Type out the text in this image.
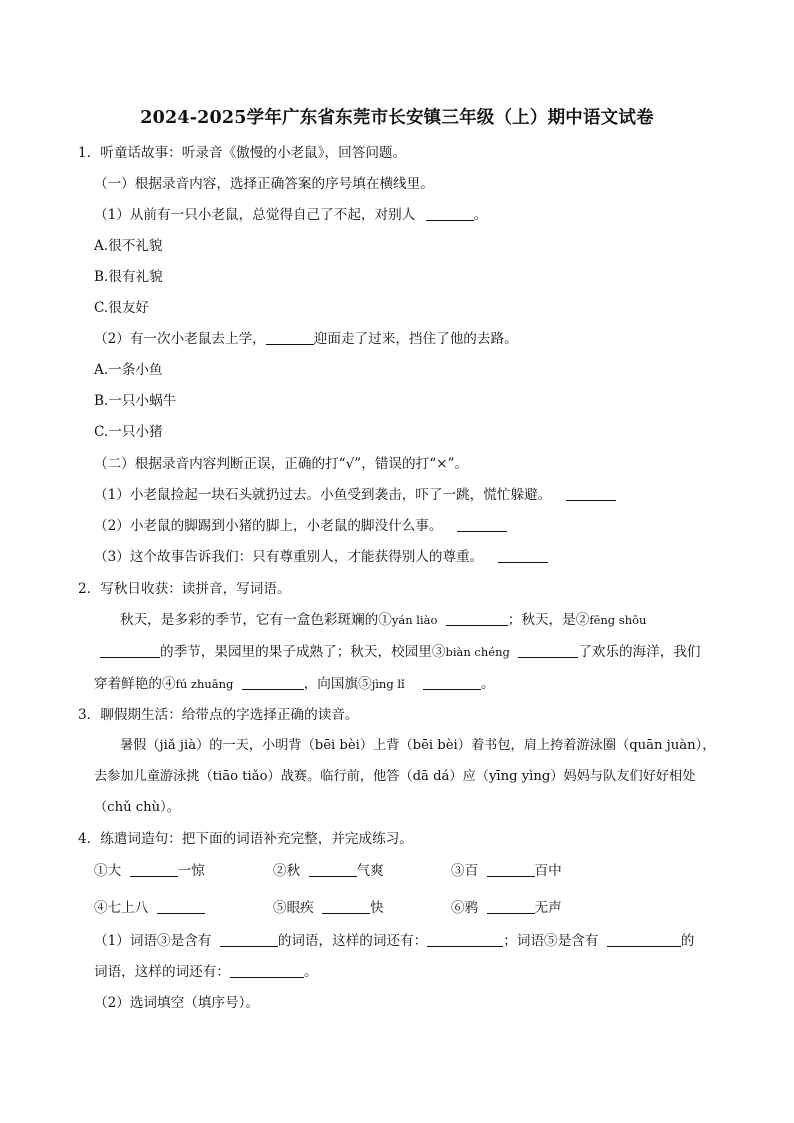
2024-2025学年广东省东莞市长安镇三年级（上）期中语文试卷
1．听童话故事：听录音《傲慢的小老鼠》，回答问题。
（一）根据录音内容，选择正确答案的序号填在横线里。
（1）从前有一只小老鼠，总觉得自己了不起，对别人	。
A.很不礼貌
B.很有礼貌
C.很友好
（2）有一次小老鼠去上学，	迎面走了过来，挡住了他的去路。
A.一条小鱼
B.一只小蜗牛
C.一只小猪
（二）根据录音内容判断正误，正确的打“√”，错误的打“×”。
（1）小老鼠捡起一块石头就扔过去。小鱼受到袭击，吓了一跳，慌忙躲避。
（2）小老鼠的脚踢到小猪的脚上，小老鼠的脚没什么事。
（3）这个故事告诉我们：只有尊重别人，才能获得别人的尊重。
2．写秋日收获：读拼音，写词语。
秋天，是多彩的季节，它有一盒色彩斑斓的①yán liào	；秋天，是②fēng shōu
的季节，果园里的果子成熟了；秋天，校园里③biàn chéng	了欢乐的海洋，我们
穿着鲜艳的④fú zhuāng	，向国旗⑤jìng lǐ	。
3．聊假期生活：给带点的字选择正确的读音。
暑假（jiǎ jià）的一天，小明背（bēi bèi）上背（bēi bèi）着书包，肩上挎着游泳圈（quān juàn），
去参加儿童游泳挑（tiāo tiǎo）战赛。临行前，他答（dā dá）应（yīng yìng）妈妈与队友们好好相处
（chǔ chù）。
4．练遣词造句：把下面的词语补充完整，并完成练习。
①大	一惊	②秋	气爽	③百	百中
④七上八	⑤眼疾	快	⑥鸦	无声
（1）词语③是含有	的词语，这样的词还有：	；词语⑤是含有	的
词语，这样的词还有：	。
（2）选词填空（填序号）。
